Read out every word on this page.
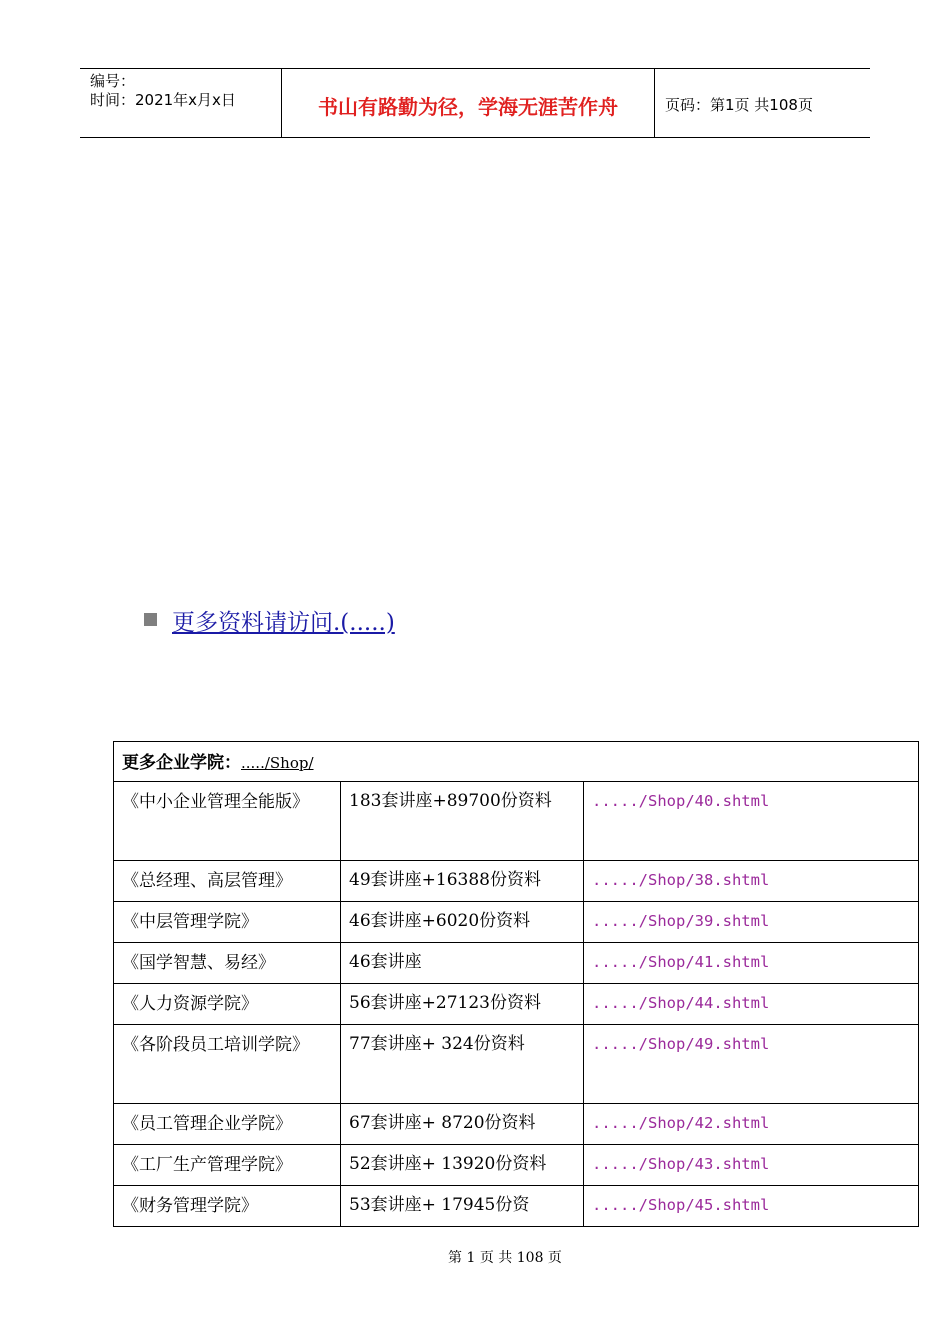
编号：
时间：2021年x月x日	书山有路勤为径，学海无涯苦作舟	页码：第1页 共108页
更多资料请访问.(.....)
更多企业学院：...../Shop/		
《中小企业管理全能版》	183套讲座+89700份资料	...../Shop/40.shtml
《总经理、高层管理》	49套讲座+16388份资料	...../Shop/38.shtml
《中层管理学院》	46套讲座+6020份资料	...../Shop/39.shtml
《国学智慧、易经》	46套讲座	...../Shop/41.shtml
《人力资源学院》	56套讲座+27123份资料	...../Shop/44.shtml
《各阶段员工培训学院》	77套讲座+ 324份资料	...../Shop/49.shtml
《员工管理企业学院》	67套讲座+ 8720份资料	...../Shop/42.shtml
《工厂生产管理学院》	52套讲座+ 13920份资料	...../Shop/43.shtml
《财务管理学院》	53套讲座+ 17945份资	...../Shop/45.shtml
第 1 页 共 108 页
